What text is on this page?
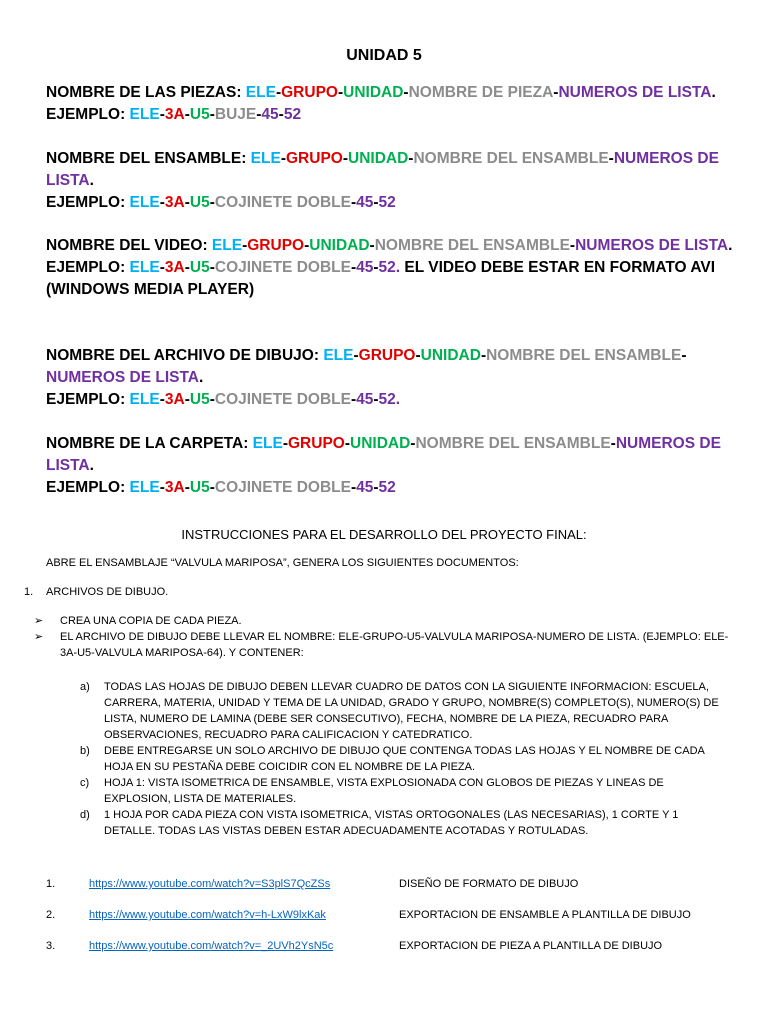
UNIDAD 5

NOMBRE DE LAS PIEZAS: ELE-GRUPO-UNIDAD-NOMBRE DE PIEZA-NUMEROS DE LISTA.

EJEMPLO: ELE-3A-U5-BUJE-45-52

NOMBRE DEL ENSAMBLE: ELE-GRUPO-UNIDAD-NOMBRE DEL ENSAMBLE-NUMEROS DE LISTA.

EJEMPLO: ELE-3A-U5-COJINETE DOBLE-45-52

NOMBRE DEL VIDEO: ELE-GRUPO-UNIDAD-NOMBRE DEL ENSAMBLE-NUMEROS DE LISTA.

EJEMPLO: ELE-3A-U5-COJINETE DOBLE-45-52. EL VIDEO DEBE ESTAR EN FORMATO AVI (WINDOWS MEDIA PLAYER)

NOMBRE DEL ARCHIVO DE DIBUJO: ELE-GRUPO-UNIDAD-NOMBRE DEL ENSAMBLE-NUMEROS DE LISTA.

EJEMPLO: ELE-3A-U5-COJINETE DOBLE-45-52.

NOMBRE DE LA CARPETA: ELE-GRUPO-UNIDAD-NOMBRE DEL ENSAMBLE-NUMEROS DE LISTA.

EJEMPLO: ELE-3A-U5-COJINETE DOBLE-45-52

INSTRUCCIONES PARA EL DESARROLLO DEL PROYECTO FINAL:
ABRE EL ENSAMBLAJE “VALVULA MARIPOSA”, GENERA LOS SIGUIENTES DOCUMENTOS:
1. ARCHIVOS DE DIBUJO.
➢ CREA UNA COPIA DE CADA PIEZA.
➢ EL ARCHIVO DE DIBUJO DEBE LLEVAR EL NOMBRE: ELE-GRUPO-U5-VALVULA MARIPOSA-NUMERO DE LISTA. (EJEMPLO: ELE-3A-U5-VALVULA MARIPOSA-64). Y CONTENER:
a) TODAS LAS HOJAS DE DIBUJO DEBEN LLEVAR CUADRO DE DATOS CON LA SIGUIENTE INFORMACION: ESCUELA, CARRERA, MATERIA, UNIDAD Y TEMA DE LA UNIDAD, GRADO Y GRUPO, NOMBRE(S) COMPLETO(S), NUMERO(S) DE LISTA, NUMERO DE LAMINA (DEBE SER CONSECUTIVO), FECHA, NOMBRE DE LA PIEZA, RECUADRO PARA OBSERVACIONES, RECUADRO PARA CALIFICACION Y CATEDRATICO.
b) DEBE ENTREGARSE UN SOLO ARCHIVO DE DIBUJO QUE CONTENGA TODAS LAS HOJAS Y EL NOMBRE DE CADA HOJA EN SU PESTAÑA DEBE COICIDIR CON EL NOMBRE DE LA PIEZA.
c) HOJA 1: VISTA ISOMETRICA DE ENSAMBLE, VISTA EXPLOSIONADA CON GLOBOS DE PIEZAS Y LINEAS DE EXPLOSION, LISTA DE MATERIALES.
d) 1 HOJA POR CADA PIEZA CON VISTA ISOMETRICA, VISTAS ORTOGONALES (LAS NECESARIAS), 1 CORTE Y 1 DETALLE. TODAS LAS VISTAS DEBEN ESTAR ADECUADAMENTE ACOTADAS Y ROTULADAS.
1.	https://www.youtube.com/watch?v=S3plS7QcZSs	DISEÑO DE FORMATO DE DIBUJO
2.	https://www.youtube.com/watch?v=h-LxW9lxKak	EXPORTACION DE ENSAMBLE A PLANTILLA DE DIBUJO
3.	https://www.youtube.com/watch?v=_2UVh2YsN5c	EXPORTACION DE PIEZA A PLANTILLA DE DIBUJO
